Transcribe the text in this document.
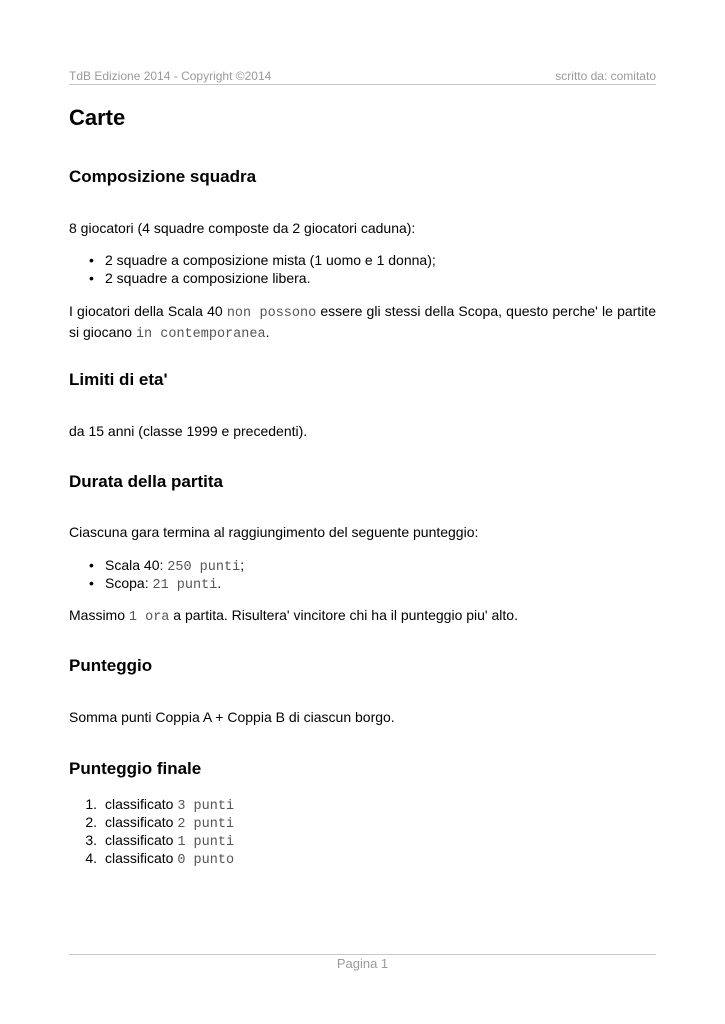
TdB Edizione 2014 - Copyright ©2014	scritto da: comitato
Carte
Composizione squadra

8 giocatori (4 squadre composte da 2 giocatori caduna):

• 2 squadre a composizione mista (1 uomo e 1 donna);
• 2 squadre a composizione libera.

I giocatori della Scala 40 non possono essere gli stessi della Scopa, questo perche' le partite si giocano in contemporanea.

Limiti di eta'

da 15 anni (classe 1999 e precedenti).

Durata della partita

Ciascuna gara termina al raggiungimento del seguente punteggio:

• Scala 40: 250 punti;
• Scopa: 21 punti.

Massimo 1 ora a partita. Risultera' vincitore chi ha il punteggio piu' alto.

Punteggio

Somma punti Coppia A + Coppia B di ciascun borgo.

Punteggio finale
1. classificato 3 punti
2. classificato 2 punti
3. classificato 1 punti
4. classificato 0 punto
Pagina 1
